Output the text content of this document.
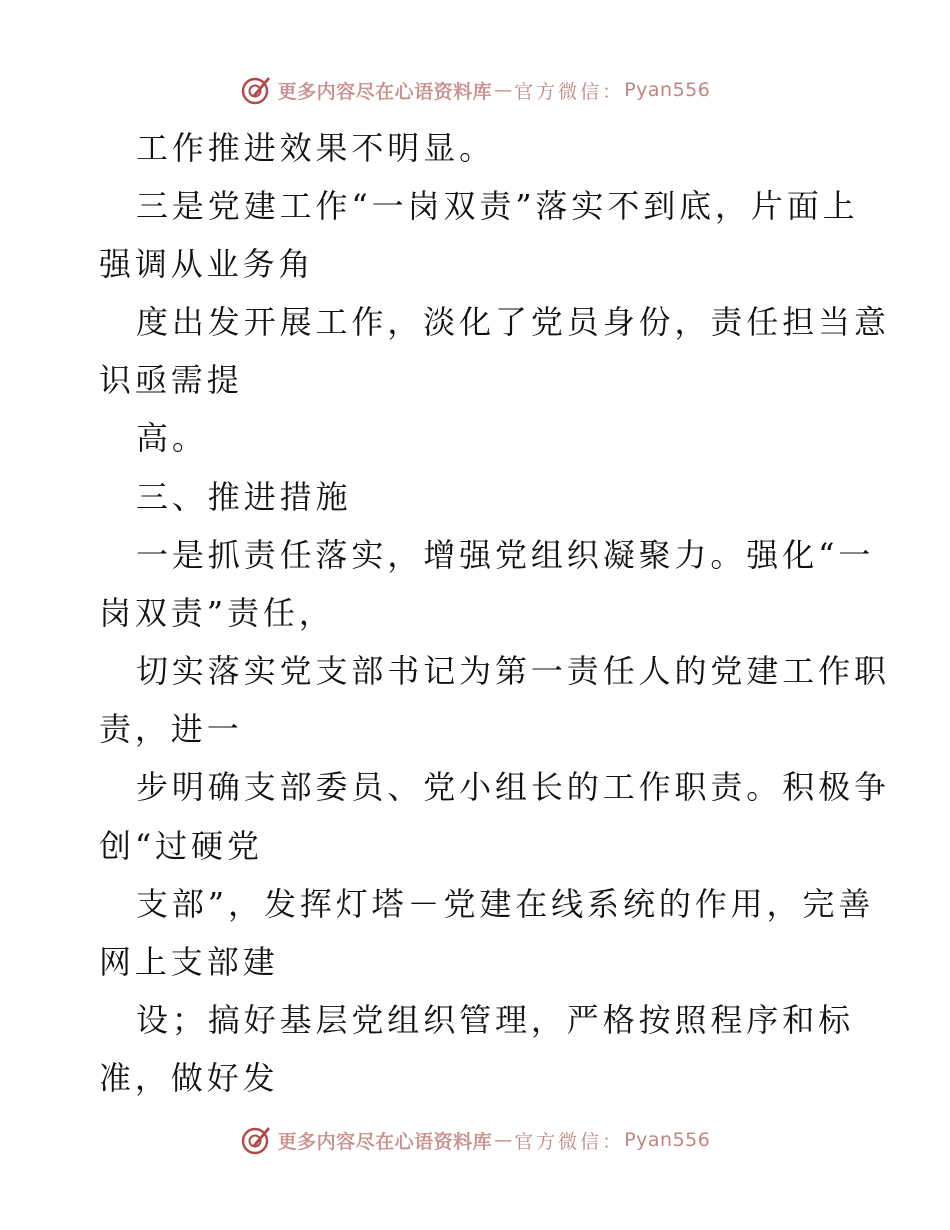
更多内容尽在心语资料库 — 官方微信： Pyan556
工作推进效果不明显。
三是党建工作“一岗双责”落实不到底，片面上
强调从业务角
度出发开展工作，淡化了党员身份，责任担当意
识亟需提
高。
三、推进措施
一是抓责任落实，增强党组织凝聚力。强化“一
岗双责”责任，
切实落实党支部书记为第一责任人的党建工作职
责，进一
步明确支部委员、党小组长的工作职责。积极争
创“过硬党
支部”，发挥灯塔－党建在线系统的作用，完善
网上支部建
设；搞好基层党组织管理，严格按照程序和标
准，做好发
更多内容尽在心语资料库 — 官方微信： Pyan556
